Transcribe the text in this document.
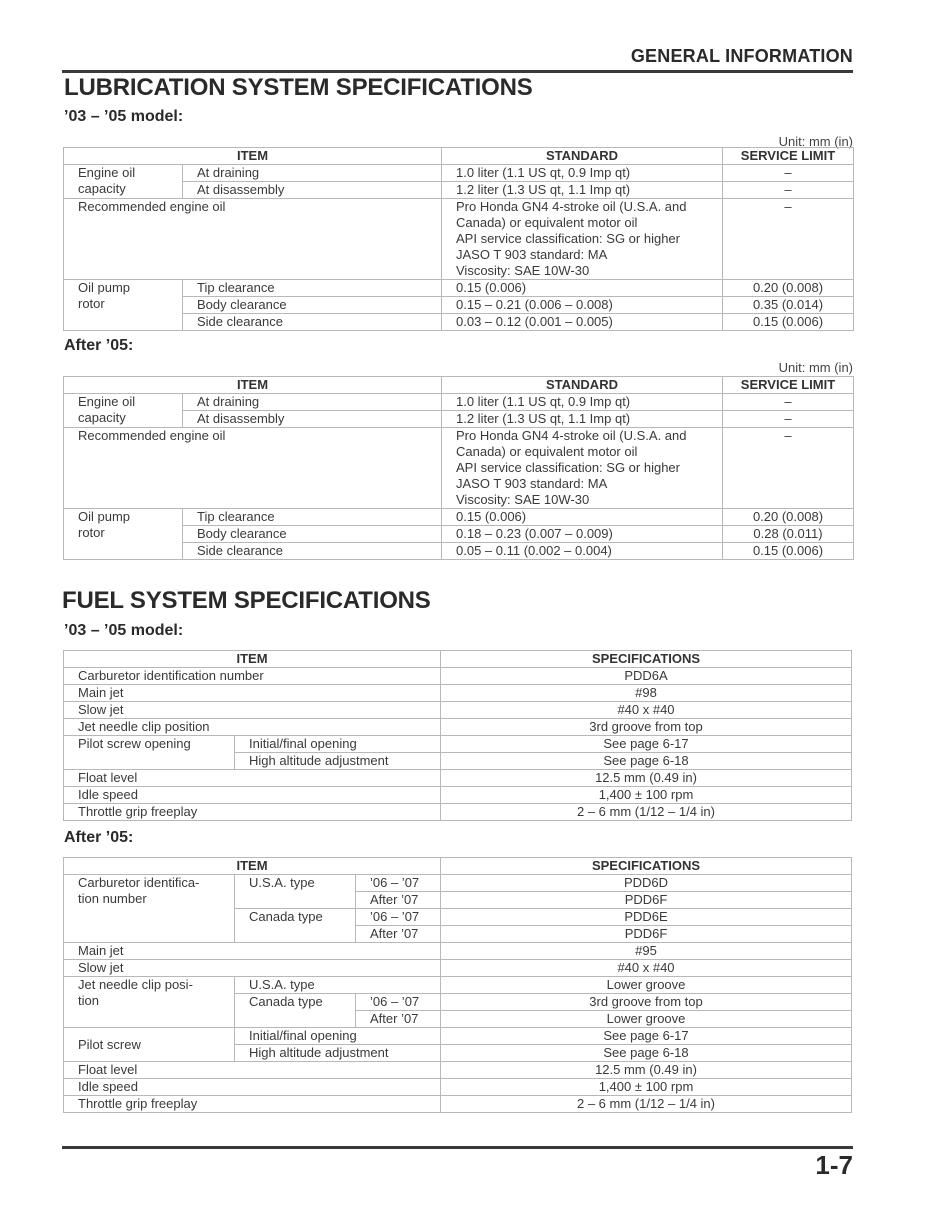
GENERAL INFORMATION
LUBRICATION SYSTEM SPECIFICATIONS
’03 – ’05 model:
Unit: mm (in)
ITEM		STANDARD	SERVICE LIMIT

Engine oil
capacity	At draining	1.0 liter (1.1 US qt, 0.9 Imp qt)	–
	At disassembly	1.2 liter (1.3 US qt, 1.1 Imp qt)	–
Recommended engine oil		Pro Honda GN4 4-stroke oil (U.S.A. and
Canada) or equivalent motor oil
API service classification: SG or higher
JASO T 903 standard: MA
Viscosity: SAE 10W-30	–

Oil pump
rotor	Tip clearance	0.15 (0.006)	0.20 (0.008)
	Body clearance	0.15 – 0.21 (0.006 – 0.008)	0.35 (0.014)
	Side clearance	0.03 – 0.12 (0.001 – 0.005)	0.15 (0.006)
After ’05:
Unit: mm (in)
ITEM		STANDARD	SERVICE LIMIT

Engine oil
capacity	At draining	1.0 liter (1.1 US qt, 0.9 Imp qt)	–
	At disassembly	1.2 liter (1.3 US qt, 1.1 Imp qt)	–
Recommended engine oil		Pro Honda GN4 4-stroke oil (U.S.A. and
Canada) or equivalent motor oil
API service classification: SG or higher
JASO T 903 standard: MA
Viscosity: SAE 10W-30	–

Oil pump
rotor	Tip clearance	0.15 (0.006)	0.20 (0.008)
	Body clearance	0.18 – 0.23 (0.007 – 0.009)	0.28 (0.011)
	Side clearance	0.05 – 0.11 (0.002 – 0.004)	0.15 (0.006)
FUEL SYSTEM SPECIFICATIONS
’03 – ’05 model:
ITEM		SPECIFICATIONS
Carburetor identification number		PDD6A
Main jet		#98
Slow jet		#40 x #40
Jet needle clip position		3rd groove from top
Pilot screw opening	Initial/final opening	See page 6-17
	High altitude adjustment	See page 6-18
Float level		12.5 mm (0.49 in)
Idle speed		1,400 ± 100 rpm
Throttle grip freeplay		2 – 6 mm (1/12 – 1/4 in)
After ’05:
ITEM			SPECIFICATIONS

Carburetor identifica-
tion number	U.S.A. type	’06 – ’07	PDD6D
		After ’07	PDD6F
	Canada type	’06 – ’07	PDD6E
		After ’07	PDD6F
Main jet			#95
Slow jet			#40 x #40

Jet needle clip posi-
tion	U.S.A. type		Lower groove
	Canada type	’06 – ’07	3rd groove from top
		After ’07	Lower groove
Pilot screw	Initial/final opening		See page 6-17
	High altitude adjustment		See page 6-18
Float level			12.5 mm (0.49 in)
Idle speed			1,400 ± 100 rpm
Throttle grip freeplay			2 – 6 mm (1/12 – 1/4 in)
1-7
